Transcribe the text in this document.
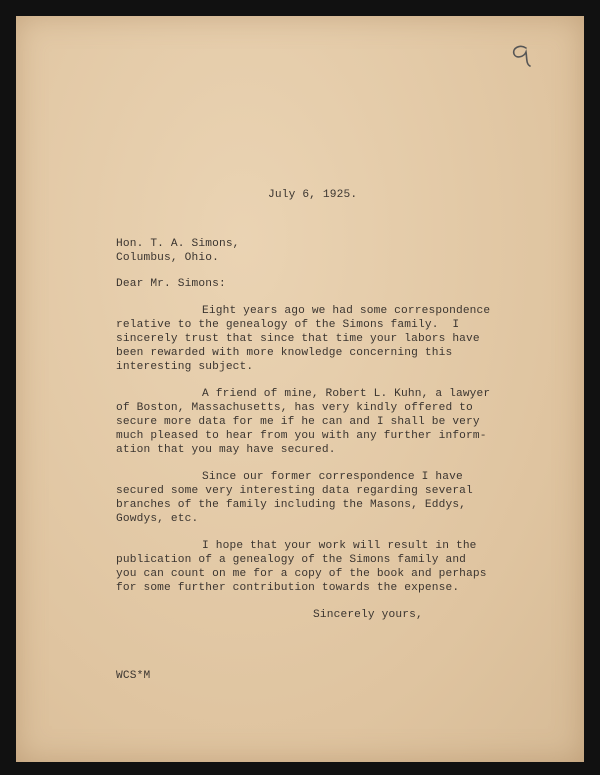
July 6, 1925.
Hon. T. A. Simons,
Columbus, Ohio.
Dear Mr. Simons:
Eight years ago we had some correspondence
relative to the genealogy of the Simons family.  I
sincerely trust that since that time your labors have
been rewarded with more knowledge concerning this
interesting subject.
A friend of mine, Robert L. Kuhn, a lawyer
of Boston, Massachusetts, has very kindly offered to
secure more data for me if he can and I shall be very
much pleased to hear from you with any further inform-
ation that you may have secured.
Since our former correspondence I have
secured some very interesting data regarding several
branches of the family including the Masons, Eddys,
Gowdys, etc.
I hope that your work will result in the
publication of a genealogy of the Simons family and
you can count on me for a copy of the book and perhaps
for some further contribution towards the expense.
Sincerely yours,
WCS*M
